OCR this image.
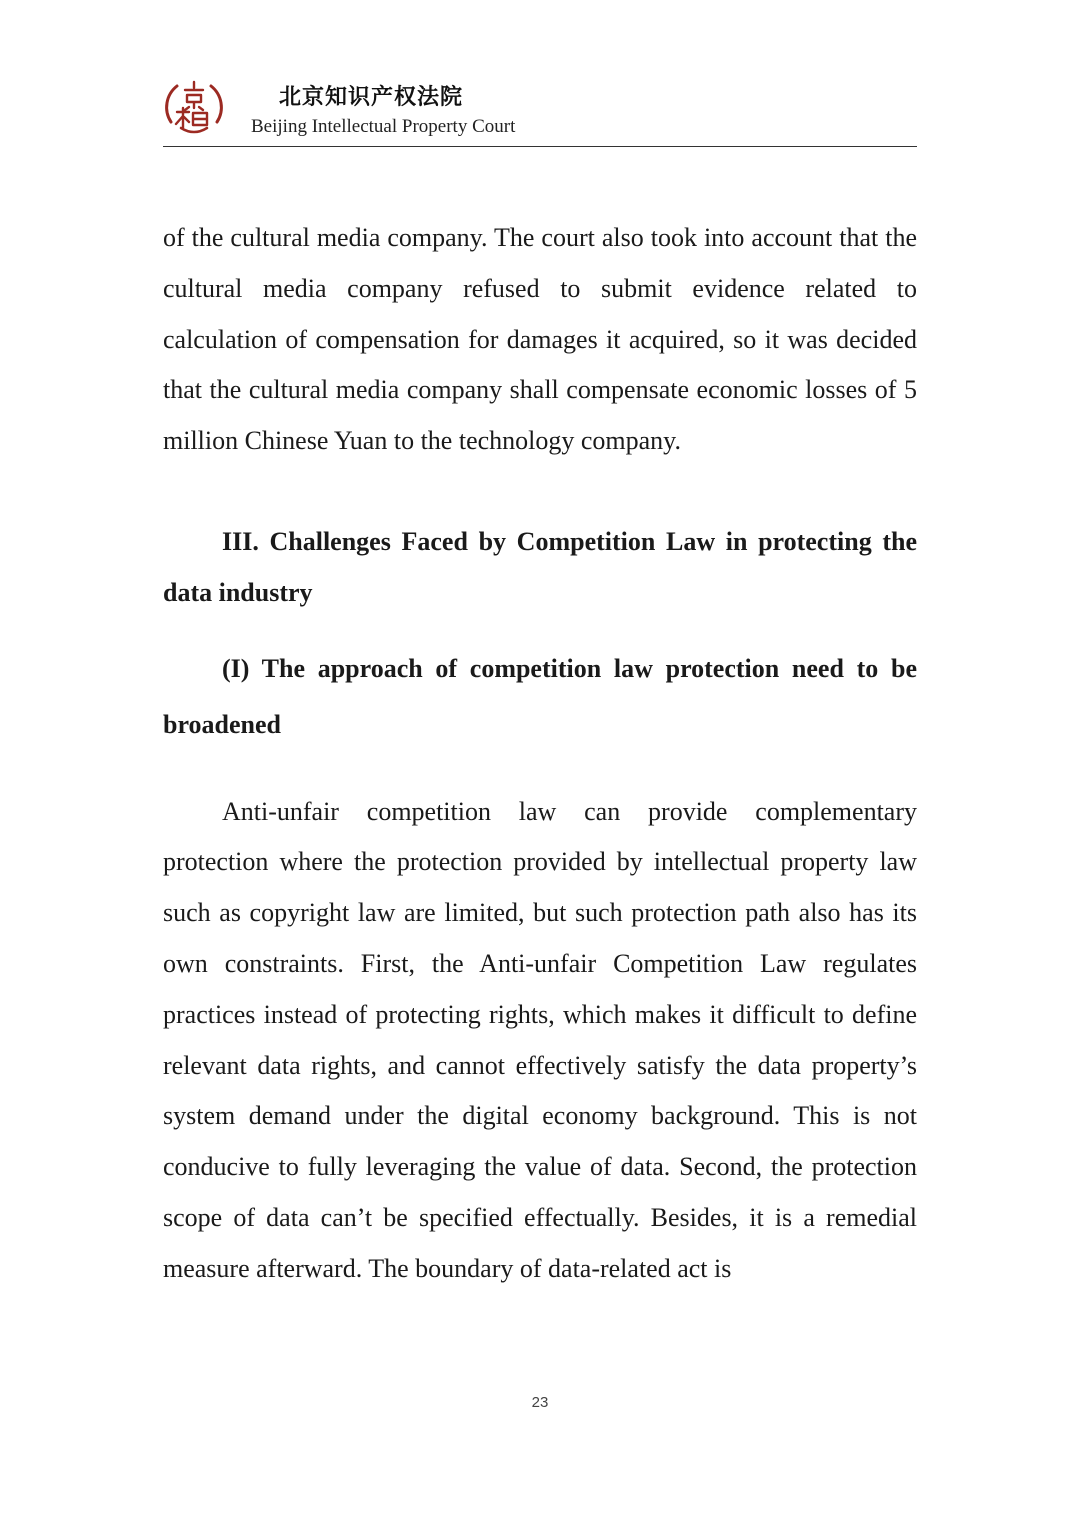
北京知识产权法院
Beijing Intellectual Property Court

of the cultural media company. The court also took into account that the cultural media company refused to submit evidence related to calculation of compensation for damages it acquired, so it was decided that the cultural media company shall compensate economic losses of 5 million Chinese Yuan to the technology company.

III. Challenges Faced by Competition Law in protecting the data industry
(I) The approach of competition law protection need to be broadened

Anti-unfair competition law can provide complementary protection where the protection provided by intellectual property law such as copyright law are limited, but such protection path also has its own constraints. First, the Anti-unfair Competition Law regulates practices instead of protecting rights, which makes it difficult to define relevant data rights, and cannot effectively satisfy the data property’s system demand under the digital economy background. This is not conducive to fully leveraging the value of data. Second, the protection scope of data can’t be specified effectually. Besides, it is a remedial measure afterward. The boundary of data-related act is

23
